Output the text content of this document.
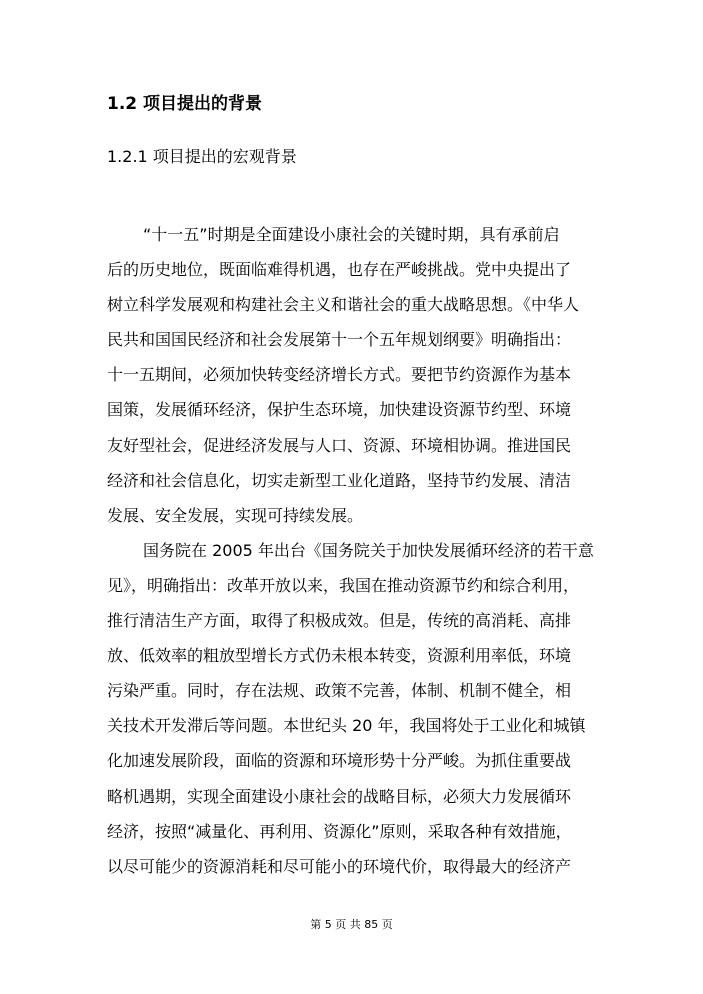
1.2 项目提出的背景
1.2.1 项目提出的宏观背景
“十一五”时期是全面建设小康社会的关键时期，具有承前启
后的历史地位，既面临难得机遇，也存在严峻挑战。党中央提出了
树立科学发展观和构建社会主义和谐社会的重大战略思想。《中华人
民共和国国民经济和社会发展第十一个五年规划纲要》明确指出：
十一五期间，必须加快转变经济增长方式。要把节约资源作为基本
国策，发展循环经济，保护生态环境，加快建设资源节约型、环境
友好型社会，促进经济发展与人口、资源、环境相协调。推进国民
经济和社会信息化，切实走新型工业化道路，坚持节约发展、清洁
发展、安全发展，实现可持续发展。
国务院在 2005 年出台《国务院关于加快发展循环经济的若干意
见》，明确指出：改革开放以来，我国在推动资源节约和综合利用，
推行清洁生产方面，取得了积极成效。但是，传统的高消耗、高排
放、低效率的粗放型增长方式仍未根本转变，资源利用率低，环境
污染严重。同时，存在法规、政策不完善，体制、机制不健全，相
关技术开发滞后等问题。本世纪头 20 年，我国将处于工业化和城镇
化加速发展阶段，面临的资源和环境形势十分严峻。为抓住重要战
略机遇期，实现全面建设小康社会的战略目标，必须大力发展循环
经济，按照“减量化、再利用、资源化”原则，采取各种有效措施，
以尽可能少的资源消耗和尽可能小的环境代价，取得最大的经济产
第 5 页 共 85 页
